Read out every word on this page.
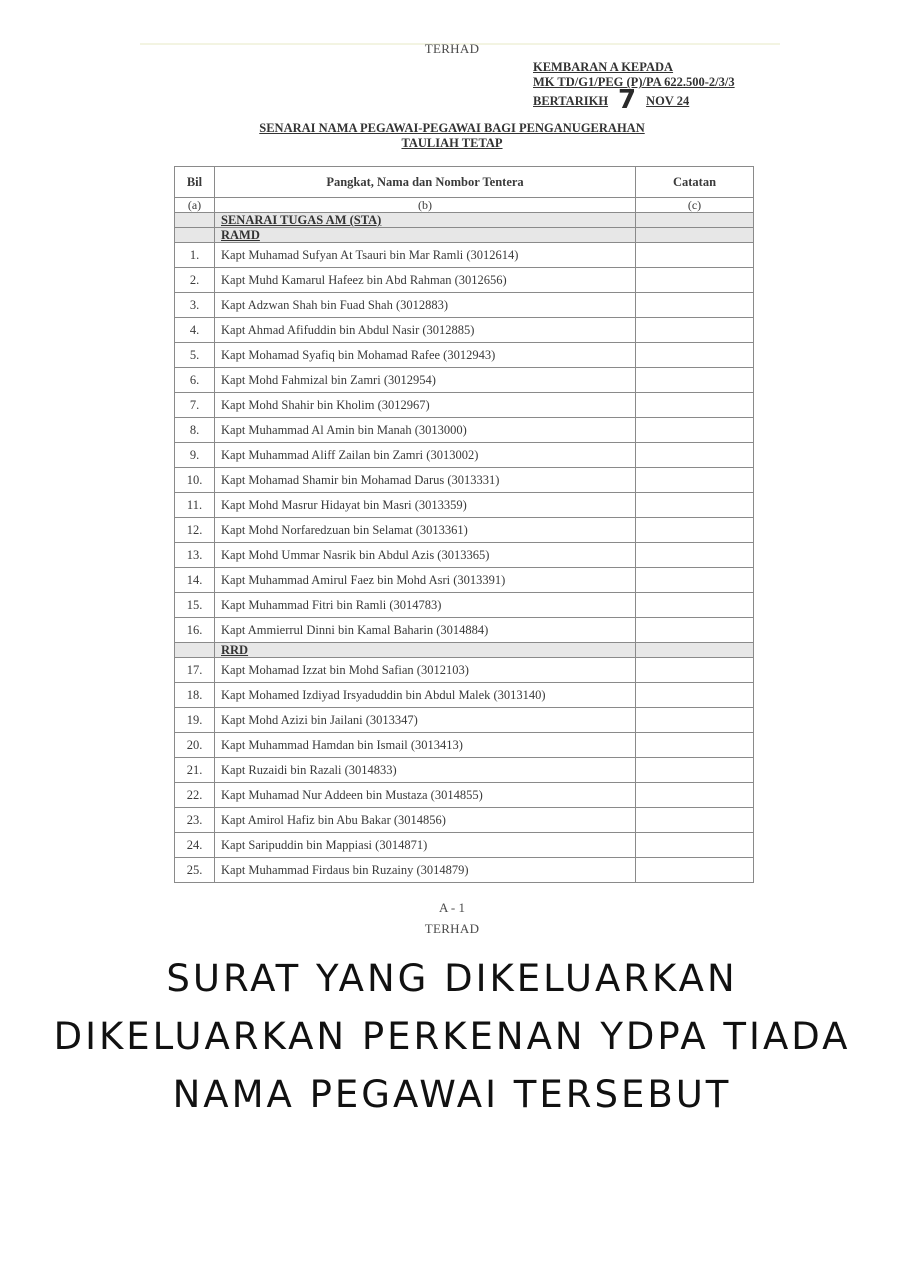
TERHAD
KEMBARAN A KEPADA
MK TD/G1/PEG (P)/PA 622.500-2/3/3
BERTARIKH 7 NOV 24
SENARAI NAMA PEGAWAI-PEGAWAI BAGI PENGANUGERAHAN
TAULIAH TETAP
Bil	Pangkat, Nama dan Nombor Tentera	Catatan
(a)	(b)	(c)
	SENARAI TUGAS AM (STA)	
	RAMD	
1.	Kapt Muhamad Sufyan At Tsauri bin Mar Ramli (3012614)	
2.	Kapt Muhd Kamarul Hafeez bin Abd Rahman (3012656)	
3.	Kapt Adzwan Shah bin Fuad Shah (3012883)	
4.	Kapt Ahmad Afifuddin bin Abdul Nasir (3012885)	
5.	Kapt Mohamad Syafiq bin Mohamad Rafee (3012943)	
6.	Kapt Mohd Fahmizal bin Zamri (3012954)	
7.	Kapt Mohd Shahir bin Kholim (3012967)	
8.	Kapt Muhammad Al Amin bin Manah (3013000)	
9.	Kapt Muhammad Aliff Zailan bin Zamri (3013002)	
10.	Kapt Mohamad Shamir bin Mohamad Darus (3013331)	
11.	Kapt Mohd Masrur Hidayat bin Masri (3013359)	
12.	Kapt Mohd Norfaredzuan bin Selamat (3013361)	
13.	Kapt Mohd Ummar Nasrik bin Abdul Azis (3013365)	
14.	Kapt Muhammad Amirul Faez bin Mohd Asri (3013391)	
15.	Kapt Muhammad Fitri bin Ramli (3014783)	
16.	Kapt Ammierrul Dinni bin Kamal Baharin (3014884)	
	RRD	
17.	Kapt Mohamad Izzat bin Mohd Safian (3012103)	
18.	Kapt Mohamed Izdiyad Irsyaduddin bin Abdul Malek (3013140)	
19.	Kapt Mohd Azizi bin Jailani (3013347)	
20.	Kapt Muhammad Hamdan bin Ismail (3013413)	
21.	Kapt Ruzaidi bin Razali (3014833)	
22.	Kapt Muhamad Nur Addeen bin Mustaza (3014855)	
23.	Kapt Amirol Hafiz bin Abu Bakar (3014856)	
24.	Kapt Saripuddin bin Mappiasi (3014871)	
25.	Kapt Muhammad Firdaus bin Ruzainy (3014879)	
A - 1
TERHAD
SURAT YANG DIKELUARKAN
DIKELUARKAN PERKENAN YDPA TIADA
NAMA PEGAWAI TERSEBUT
